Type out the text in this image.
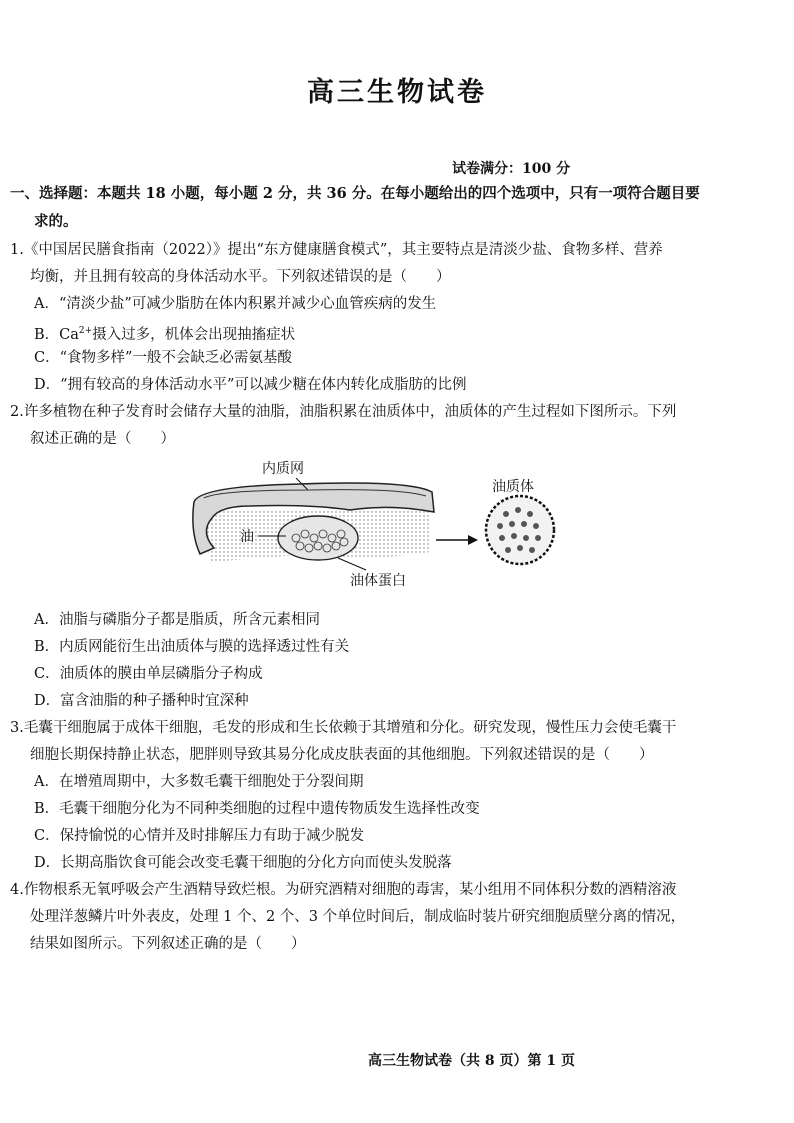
高三生物试卷
试卷满分：100 分
一、选择题：本题共 18 小题，每小题 2 分，共 36 分。在每小题给出的四个选项中，只有一项符合题目要
求的。
1.《中国居民膳食指南（2022）》提出“东方健康膳食模式”，其主要特点是清淡少盐、食物多样、营养
均衡，并且拥有较高的身体活动水平。下列叙述错误的是（　　）
A．“清淡少盐”可减少脂肪在体内积累并减少心血管疾病的发生
B．$Ca^{2+}$摄入过多，机体会出现抽搐症状
C．“食物多样”一般不会缺乏必需氨基酸
D．“拥有较高的身体活动水平”可以减少糖在体内转化成脂肪的比例
2.许多植物在种子发育时会储存大量的油脂，油脂积累在油质体中，油质体的产生过程如下图所示。下列
叙述正确的是（　　）
内质网
油
油质体
油体蛋白
A．油脂与磷脂分子都是脂质，所含元素相同
B．内质网能衍生出油质体与膜的选择透过性有关
C．油质体的膜由单层磷脂分子构成
D．富含油脂的种子播种时宜深种
3.毛囊干细胞属于成体干细胞，毛发的形成和生长依赖于其增殖和分化。研究发现，慢性压力会使毛囊干
细胞长期保持静止状态，肥胖则导致其易分化成皮肤表面的其他细胞。下列叙述错误的是（　　）
A．在增殖周期中，大多数毛囊干细胞处于分裂间期
B．毛囊干细胞分化为不同种类细胞的过程中遗传物质发生选择性改变
C．保持愉悦的心情并及时排解压力有助于减少脱发
D．长期高脂饮食可能会改变毛囊干细胞的分化方向而使头发脱落
4.作物根系无氧呼吸会产生酒精导致烂根。为研究酒精对细胞的毒害，某小组用不同体积分数的酒精溶液
处理洋葱鳞片叶外表皮，处理 1 个、2 个、3 个单位时间后，制成临时装片研究细胞质壁分离的情况，
结果如图所示。下列叙述正确的是（　　）
高三生物试卷（共 8 页）第 1 页
